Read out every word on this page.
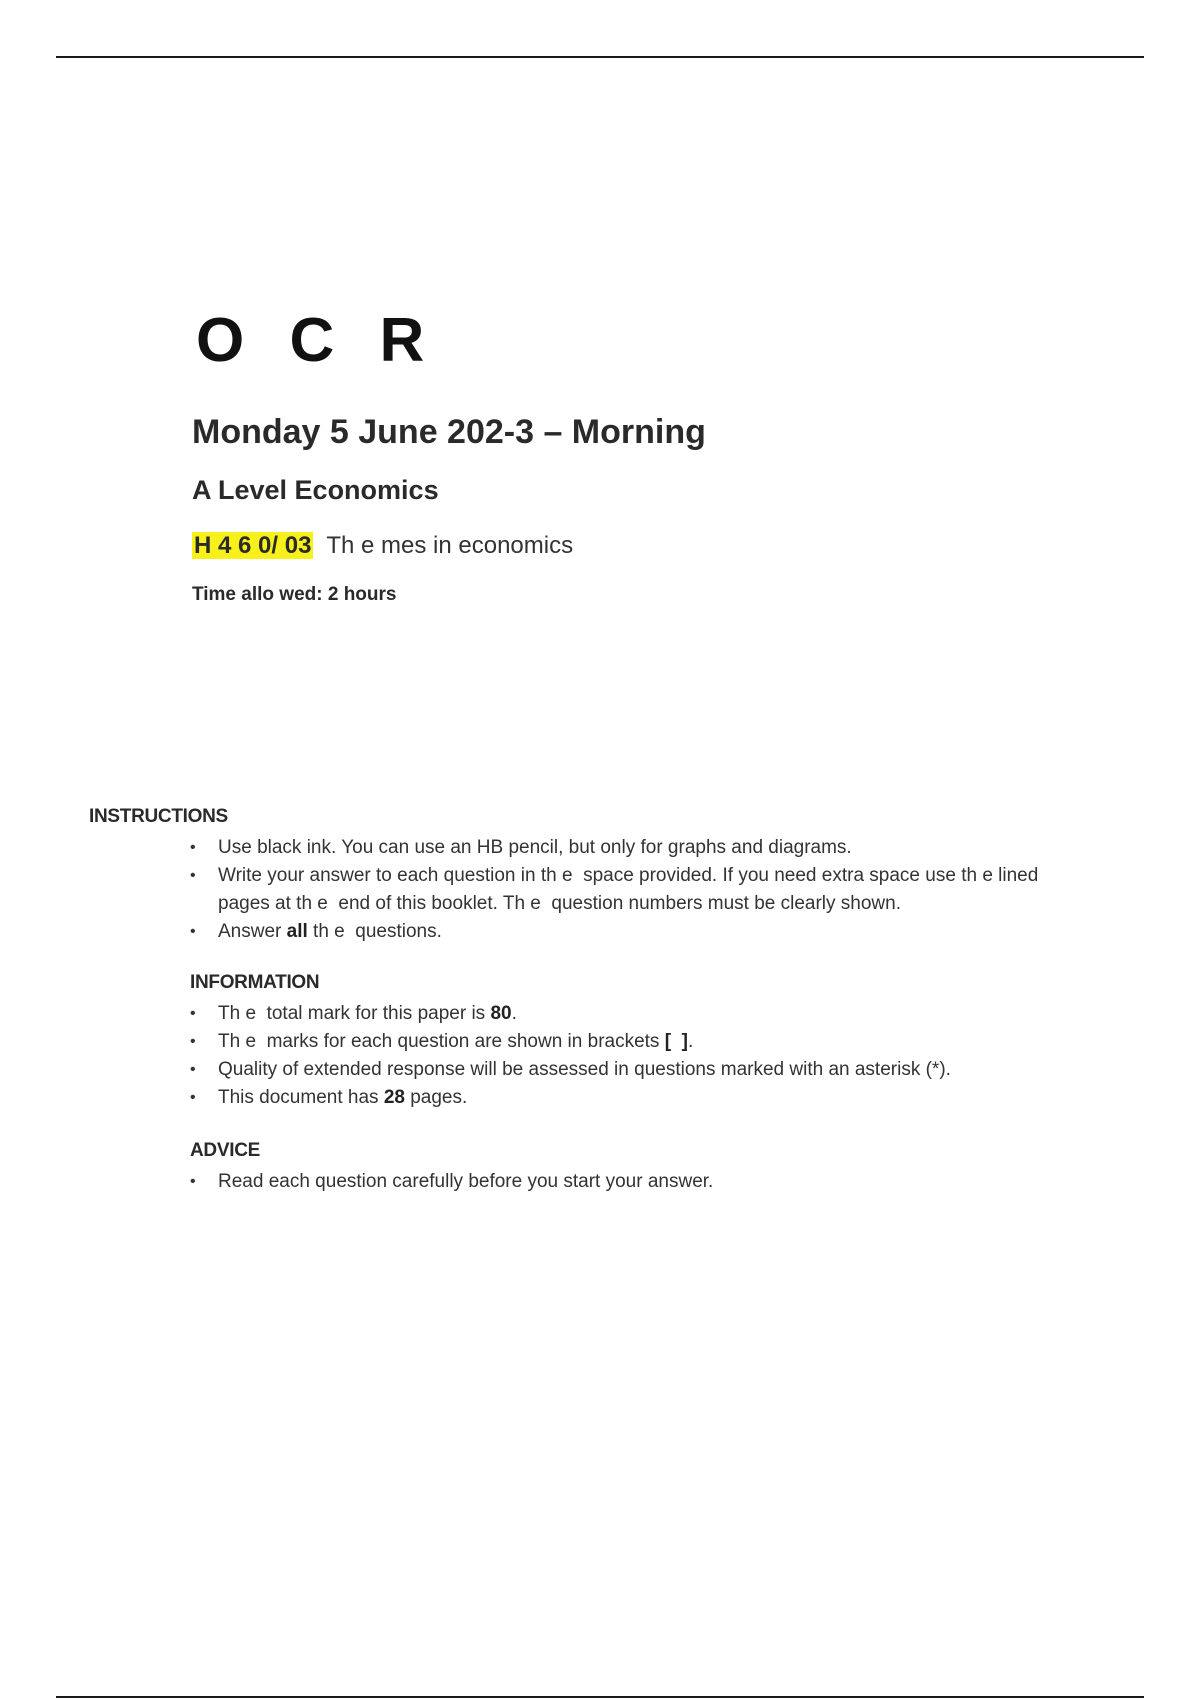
O C R
Monday 5 June 202-3 – Morning
A Level Economics
H 4 6 0/ 03 Th e mes in economics
Time allo wed: 2 hours
INSTRUCTIONS
• Use black ink. You can use an HB pencil, but only for graphs and diagrams.
• Write your answer to each question in th e  space provided. If you need extra space use th e lined pages at th e  end of this booklet. Th e  question numbers must be clearly shown.
• Answer all th e  questions.
INFORMATION
• Th e  total mark for this paper is 80.
• Th e  marks for each question are shown in brackets [  ].
• Quality of extended response will be assessed in questions marked with an asterisk (*).
• This document has 28 pages.
ADVICE
• Read each question carefully before you start your answer.
